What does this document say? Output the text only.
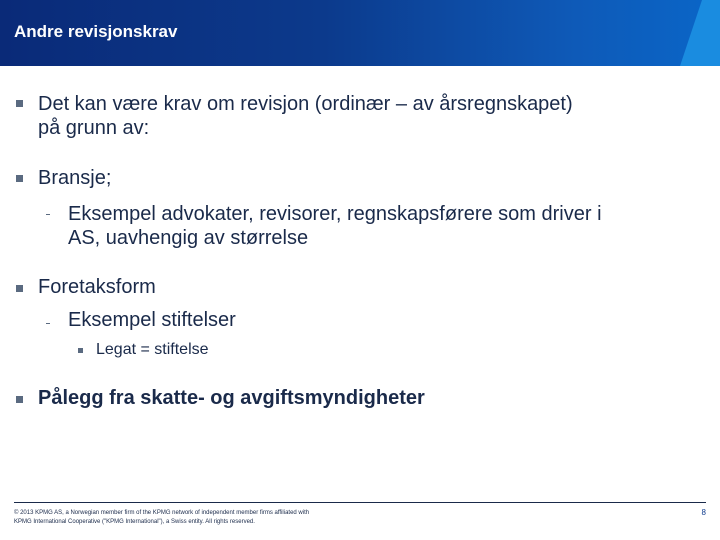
Andre revisjonskrav
Det kan være krav om revisjon (ordinær – av årsregnskapet) på grunn av:
Bransje;
Eksempel advokater, revisorer, regnskapsførere som driver i AS, uavhengig av størrelse
Foretaksform
Eksempel stiftelser
Legat = stiftelse
Pålegg fra skatte- og avgiftsmyndigheter
© 2013 KPMG AS, a Norwegian member firm of the KPMG network of independent member firms affiliated with
KPMG International Cooperative ("KPMG International"), a Swiss entity. All rights reserved.
8
